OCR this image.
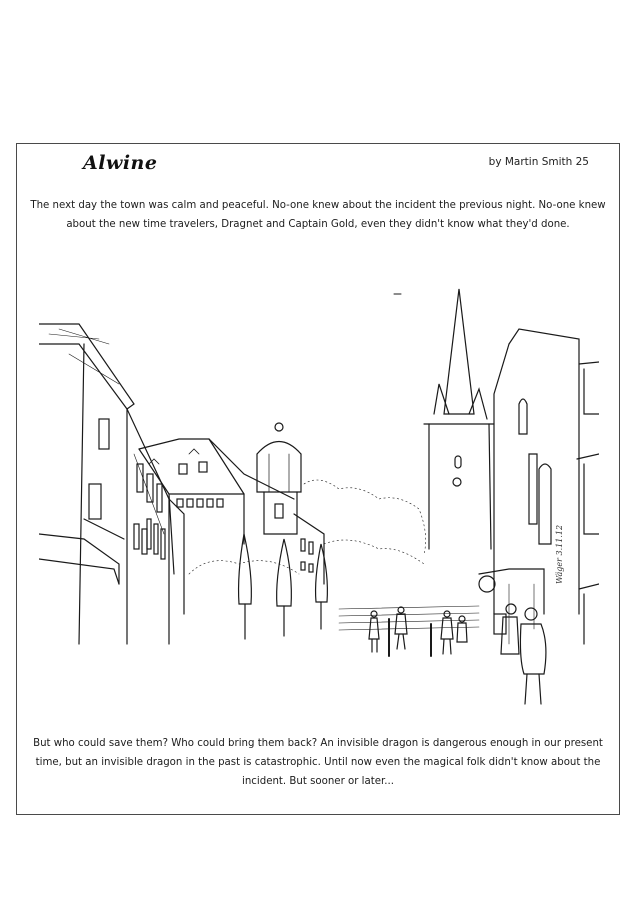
Alwine	by Martin Smith 25
The next day the town was calm and peaceful. No-one knew about the incident the previous night. No-one knew about the new time travelers, Dragnet and Captain Gold, even they didn't know what they'd done.
Wäger 3.11.12
But who could save them? Who could bring them back? An invisible dragon is dangerous enough in our present time, but an invisible dragon in the past is catastrophic. Until now even the magical folk didn't know about the incident. But sooner or later...
